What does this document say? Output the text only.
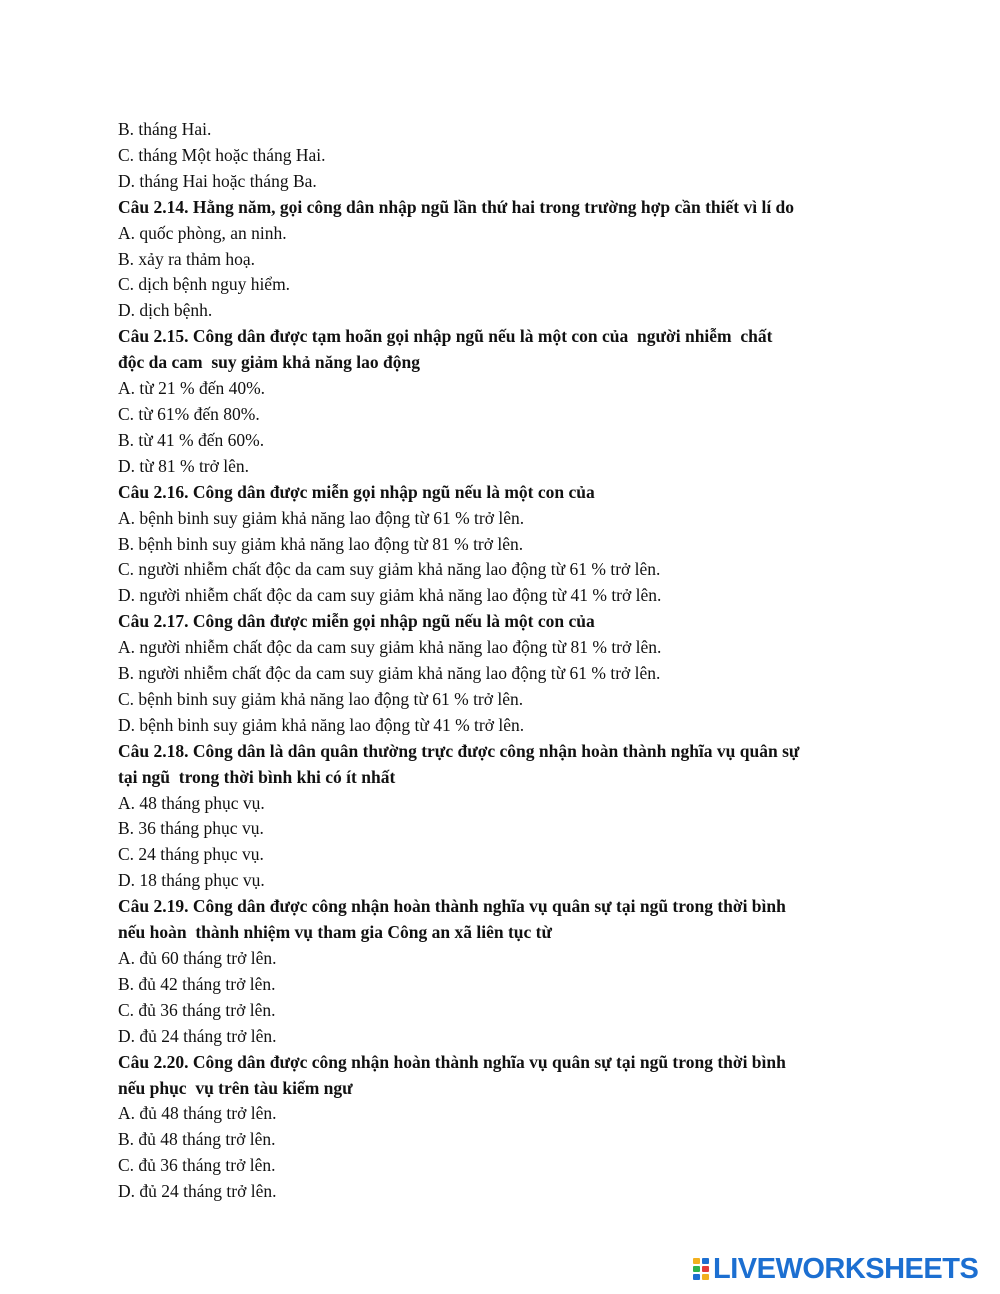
B. tháng Hai.
C. tháng Một hoặc tháng Hai.
D. tháng Hai hoặc tháng Ba.
Câu 2.14. Hằng năm, gọi công dân nhập ngũ lần thứ hai trong trường hợp cần thiết vì lí do
A. quốc phòng, an ninh.
B. xảy ra thảm hoạ.
C. dịch bệnh nguy hiểm.
D. dịch bệnh.
Câu 2.15. Công dân được tạm hoãn gọi nhập ngũ nếu là một con của  người nhiễm  chất
độc da cam  suy giảm khả năng lao động
A. từ 21 % đến 40%.
C. từ 61% đến 80%.
B. từ 41 % đến 60%.
D. từ 81 % trở lên.
Câu 2.16. Công dân được miễn gọi nhập ngũ nếu là một con của
A. bệnh binh suy giảm khả năng lao động từ 61 % trở lên.
B. bệnh binh suy giảm khả năng lao động từ 81 % trở lên.
C. người nhiễm chất độc da cam suy giảm khả năng lao động từ 61 % trở lên.
D. người nhiễm chất độc da cam suy giảm khả năng lao động từ 41 % trở lên.
Câu 2.17. Công dân được miễn gọi nhập ngũ nếu là một con của
A. người nhiễm chất độc da cam suy giảm khả năng lao động từ 81 % trở lên.
B. người nhiễm chất độc da cam suy giảm khả năng lao động từ 61 % trở lên.
C. bệnh binh suy giảm khả năng lao động từ 61 % trở lên.
D. bệnh binh suy giảm khả năng lao động từ 41 % trở lên.
Câu 2.18. Công dân là dân quân thường trực được công nhận hoàn thành nghĩa vụ quân sự
tại ngũ  trong thời bình khi có ít nhất
A. 48 tháng phục vụ.
B. 36 tháng phục vụ.
C. 24 tháng phục vụ.
D. 18 tháng phục vụ.
Câu 2.19. Công dân được công nhận hoàn thành nghĩa vụ quân sự tại ngũ trong thời bình
nếu hoàn  thành nhiệm vụ tham gia Công an xã liên tục từ
A. đủ 60 tháng trở lên.
B. đủ 42 tháng trở lên.
C. đủ 36 tháng trở lên.
D. đủ 24 tháng trở lên.
Câu 2.20. Công dân được công nhận hoàn thành nghĩa vụ quân sự tại ngũ trong thời bình
nếu phục  vụ trên tàu kiểm ngư
A. đủ 48 tháng trở lên.
B. đủ 48 tháng trở lên.
C. đủ 36 tháng trở lên.
D. đủ 24 tháng trở lên.
LIVEWORKSHEETS
